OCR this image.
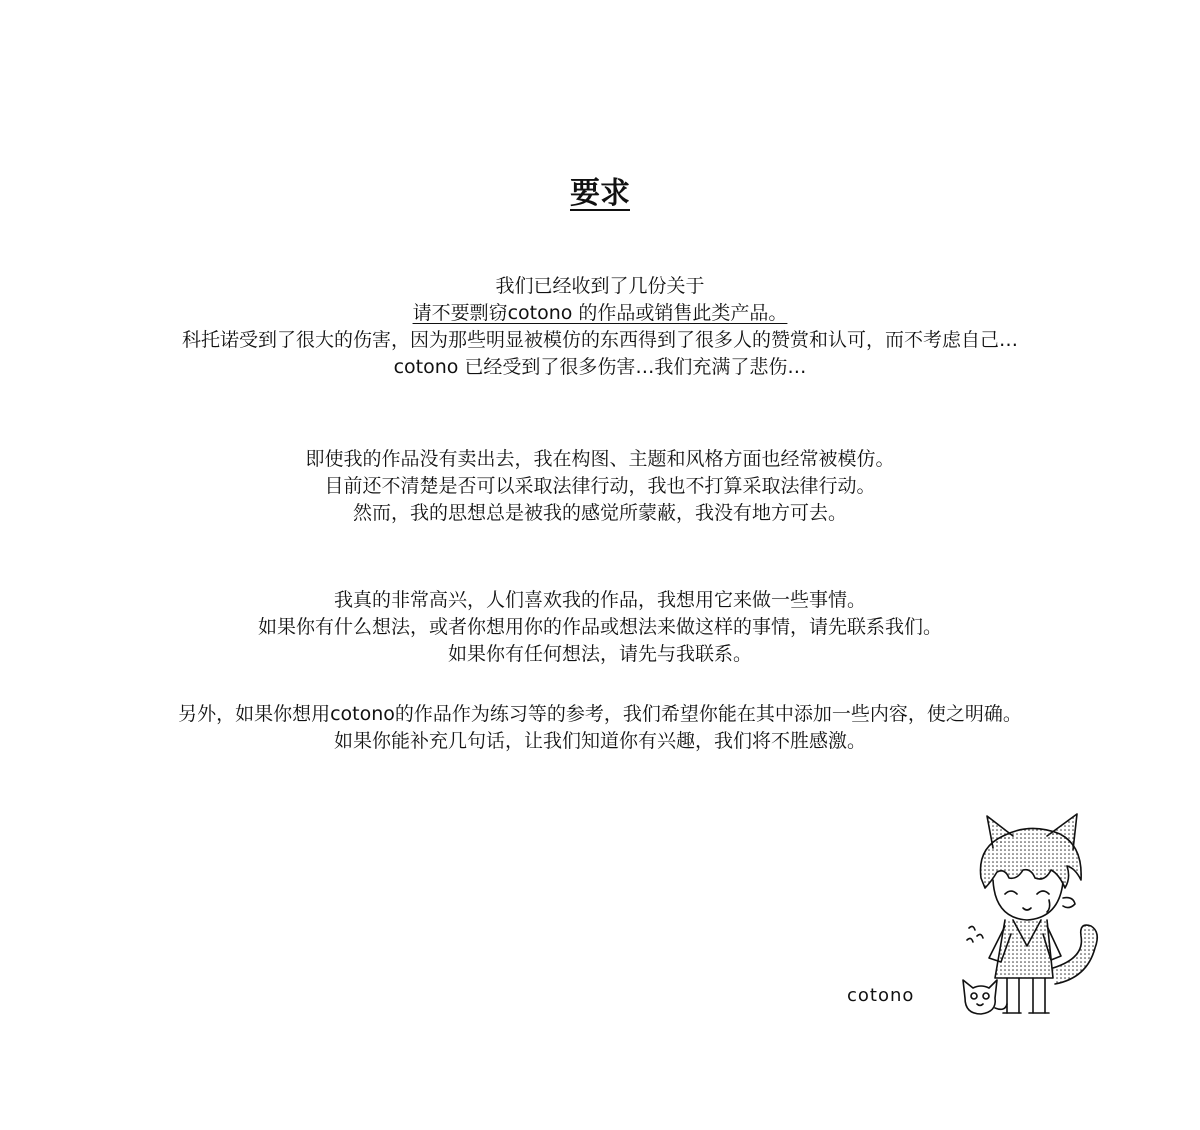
要求

我们已经收到了几份关于
请不要剽窃cotono 的作品或销售此类产品。
科托诺受到了很大的伤害，因为那些明显被模仿的东西得到了很多人的赞赏和认可，而不考虑自己…
cotono 已经受到了很多伤害…我们充满了悲伤…

即使我的作品没有卖出去，我在构图、主题和风格方面也经常被模仿。
目前还不清楚是否可以采取法律行动，我也不打算采取法律行动。
然而，我的思想总是被我的感觉所蒙蔽，我没有地方可去。

我真的非常高兴，人们喜欢我的作品，我想用它来做一些事情。
如果你有什么想法，或者你想用你的作品或想法来做这样的事情，请先联系我们。
如果你有任何想法，请先与我联系。

另外，如果你想用cotono的作品作为练习等的参考，我们希望你能在其中添加一些内容，使之明确。
如果你能补充几句话，让我们知道你有兴趣，我们将不胜感激。

cotono
